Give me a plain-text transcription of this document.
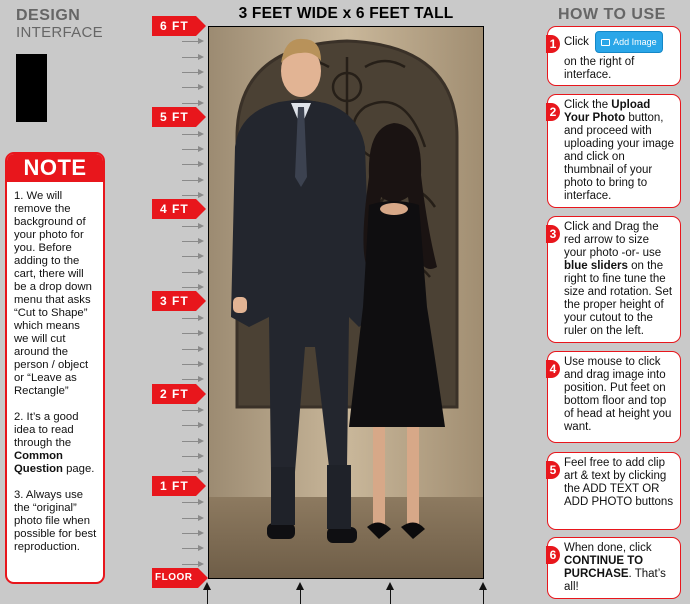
DESIGN
INTERFACE
NOTE

1. We will remove the background of your photo for you. Before adding to the cart, there will be a drop down menu that asks “Cut to Shape” which means we will cut around the person / object or “Leave as Rectangle”

2. It’s a good idea to read through the Common Question page.

3. Always use the “original” photo file when possible for best reproduction.

3 FEET WIDE x 6 FEET TALL
6 FT
5 FT
4 FT
3 FT
2 FT
1 FT
FLOOR
HOW TO USE
1 Click	Add Image
on the right of interface.
2 Click the Upload Your Photo button, and proceed with uploading your image and click on thumbnail of your photo to bring to interface.
3 Click and Drag the red arrow to size your photo -or- use blue sliders on the right to fine tune the size and rotation. Set the proper height of your cutout to the ruler on the left.
4 Use mouse to click and drag image into position. Put feet on bottom floor and top of head at height you want.
5 Feel free to add clip art & text by clicking the ADD TEXT OR ADD PHOTO buttons
6 When done, click CONTINUE TO PURCHASE. That’s all!
